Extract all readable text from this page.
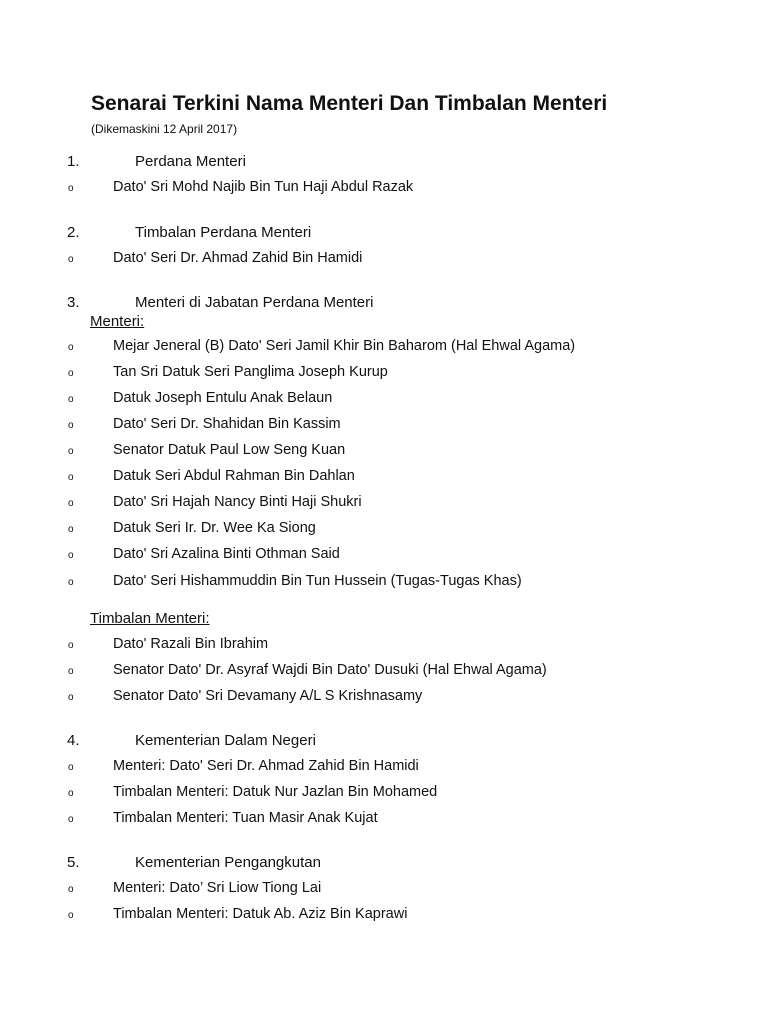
Senarai Terkini Nama Menteri Dan Timbalan Menteri
(Dikemaskini 12 April 2017)
1.	Perdana Menteri
o	Dato' Sri Mohd Najib Bin Tun Haji Abdul Razak
2.	Timbalan Perdana Menteri
o	Dato' Seri Dr. Ahmad Zahid Bin Hamidi
3.	Menteri di Jabatan Perdana Menteri
Menteri:
o	Mejar Jeneral (B) Dato' Seri Jamil Khir Bin Baharom (Hal Ehwal Agama)
o	Tan Sri Datuk Seri Panglima Joseph Kurup
o	Datuk Joseph Entulu Anak Belaun
o	Dato' Seri Dr. Shahidan Bin Kassim
o	Senator Datuk Paul Low Seng Kuan
o	Datuk Seri Abdul Rahman Bin Dahlan
o	Dato' Sri Hajah Nancy Binti Haji Shukri
o	Datuk Seri Ir. Dr. Wee Ka Siong
o	Dato' Sri Azalina Binti Othman Said
o	Dato' Seri Hishammuddin Bin Tun Hussein (Tugas-Tugas Khas)
Timbalan Menteri:
o	Dato' Razali Bin Ibrahim
o	Senator Dato' Dr. Asyraf Wajdi Bin Dato' Dusuki (Hal Ehwal Agama)
o	Senator Dato' Sri Devamany A/L S Krishnasamy
4.	Kementerian Dalam Negeri
o	Menteri: Dato' Seri Dr. Ahmad Zahid Bin Hamidi
o	Timbalan Menteri: Datuk Nur Jazlan Bin Mohamed
o	Timbalan Menteri: Tuan Masir Anak Kujat
5.	Kementerian Pengangkutan
o	Menteri: Dato’ Sri Liow Tiong Lai
o	Timbalan Menteri: Datuk Ab. Aziz Bin Kaprawi
